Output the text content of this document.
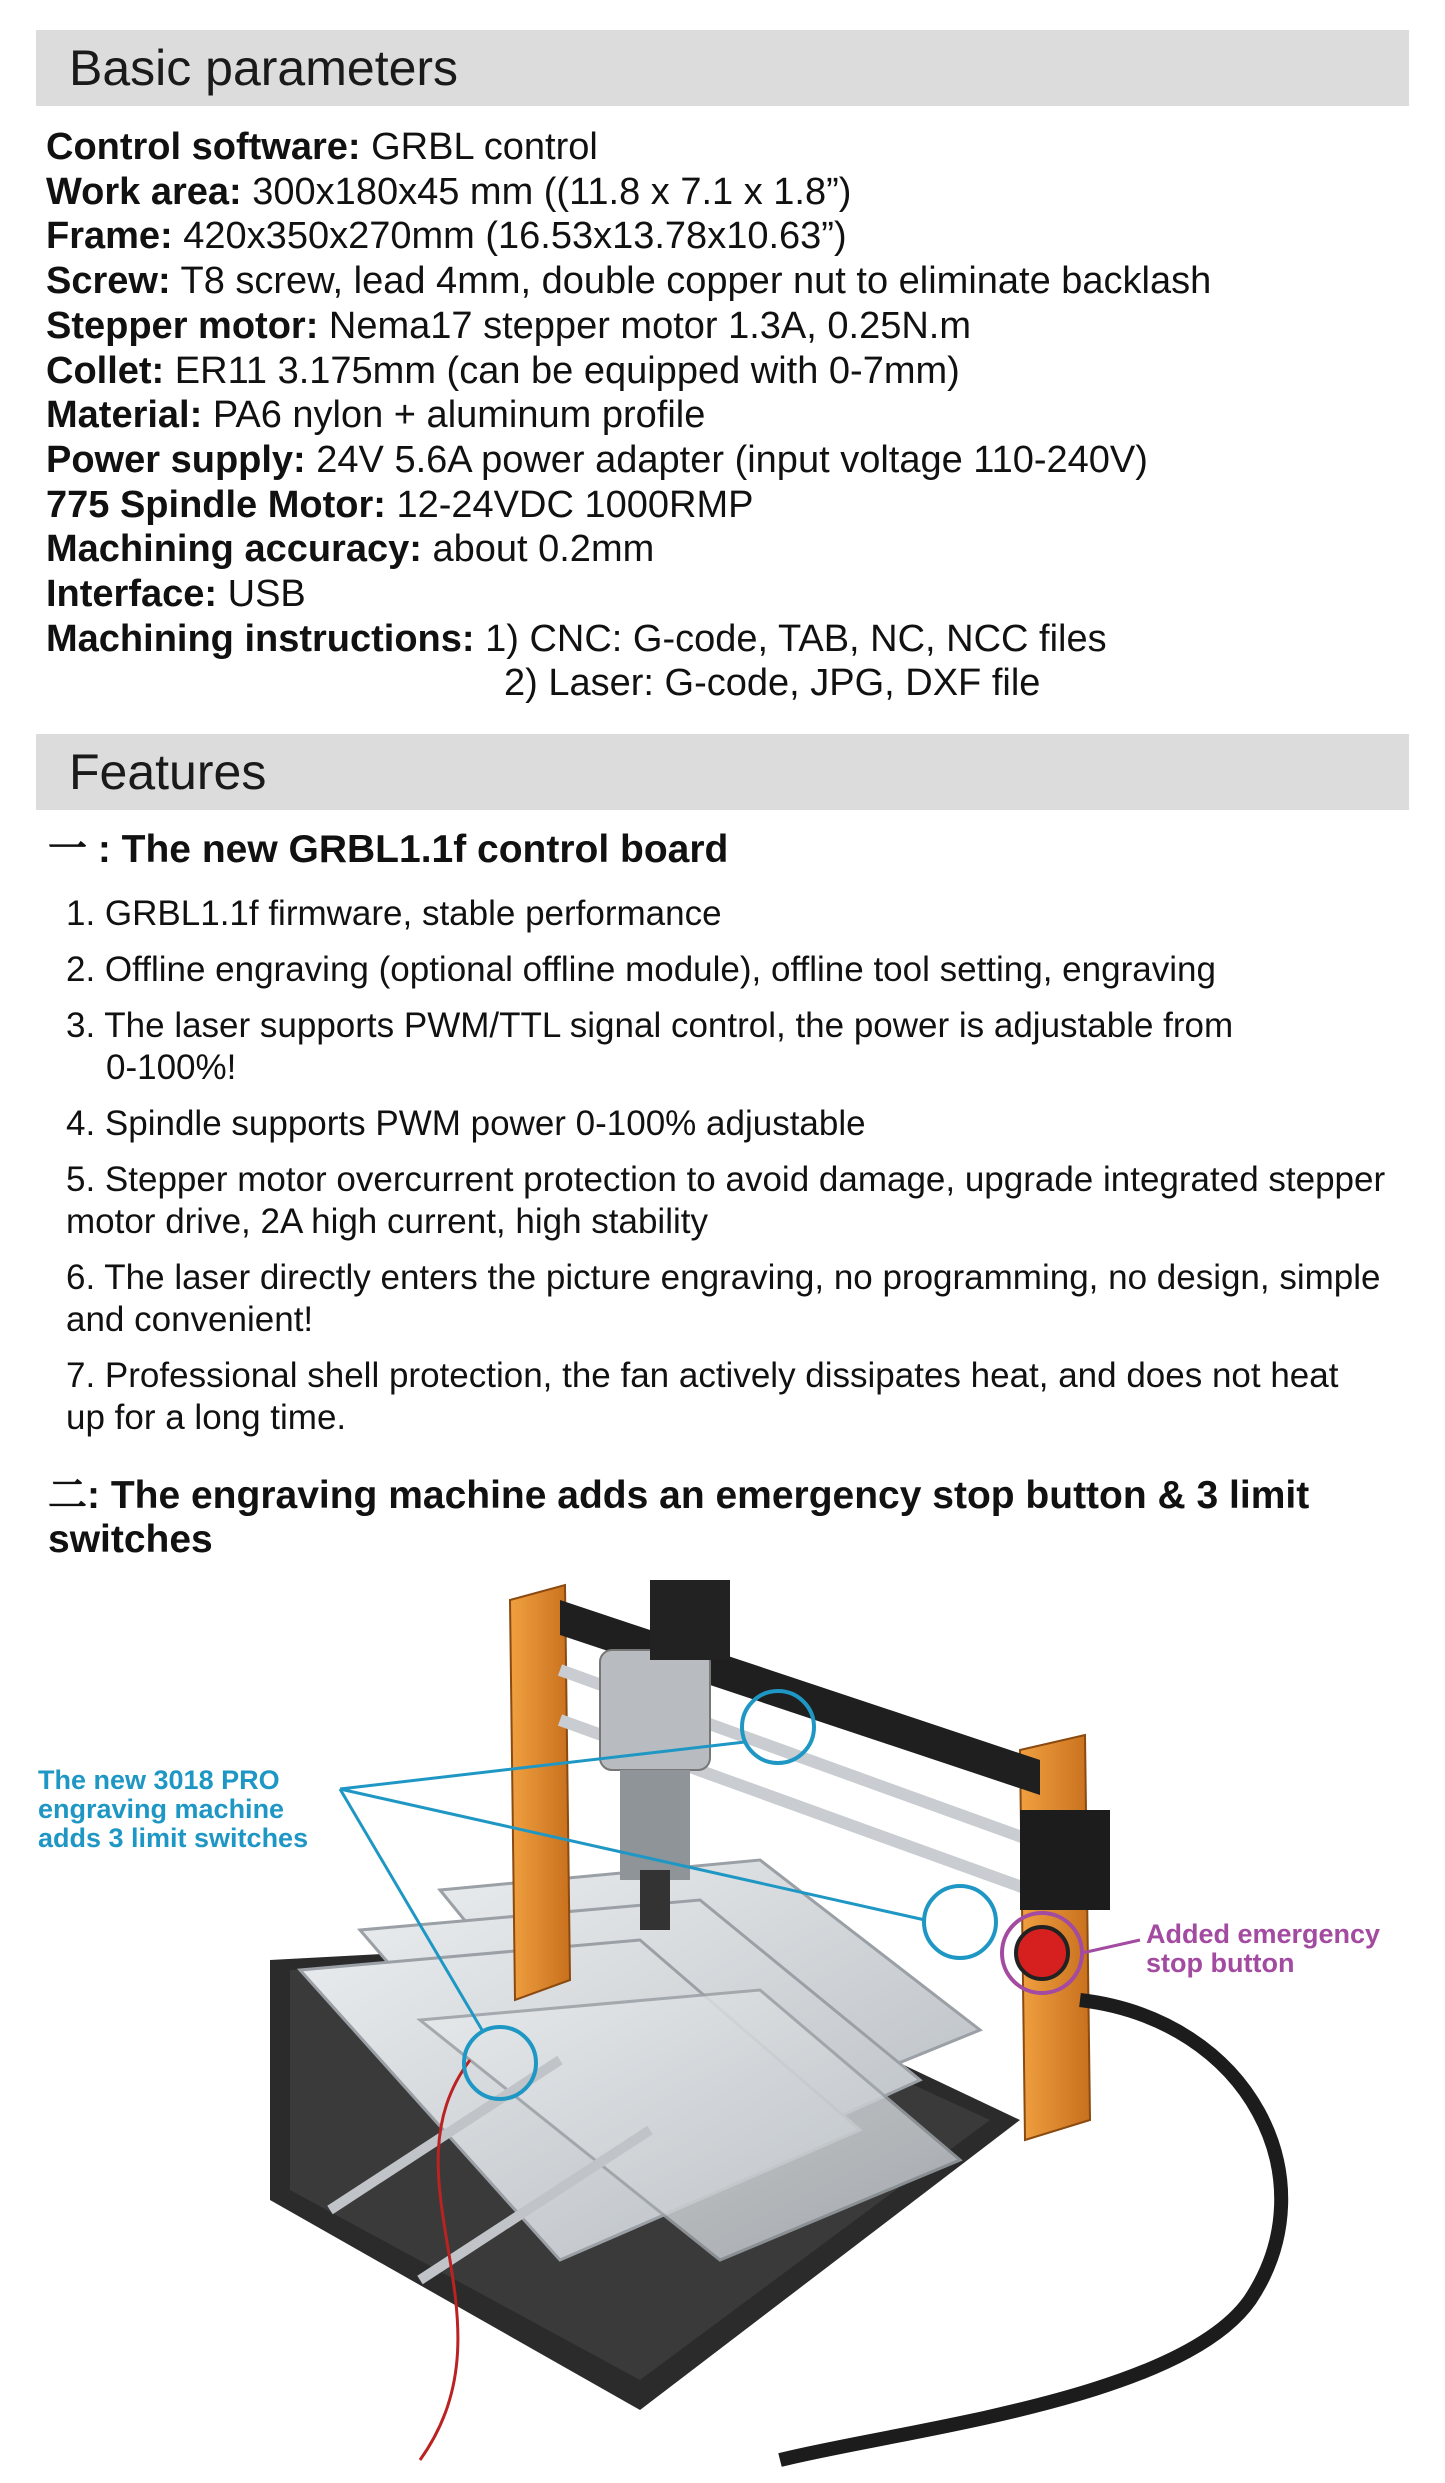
Basic parameters
Control software: GRBL control
Work area: 300x180x45 mm ((11.8 x 7.1 x 1.8”)
Frame: 420x350x270mm (16.53x13.78x10.63”)
Screw: T8 screw, lead 4mm, double copper nut to eliminate backlash
Stepper motor: Nema17 stepper motor 1.3A, 0.25N.m
Collet: ER11 3.175mm (can be equipped with 0-7mm)
Material: PA6 nylon + aluminum profile
Power supply: 24V 5.6A power adapter (input voltage 110-240V)
775 Spindle Motor: 12-24VDC 1000RMP
Machining accuracy: about 0.2mm
Interface: USB
Machining instructions: 1) CNC: G-code, TAB, NC, NCC files
2) Laser: G-code, JPG, DXF file
Features
一 : The new GRBL1.1f control board
1. GRBL1.1f firmware, stable performance
2. Offline engraving (optional offline module), offline tool setting, engraving
3. The laser supports PWM/TTL signal control, the power is adjustable from
0-100%!
4. Spindle supports PWM power 0-100% adjustable
5. Stepper motor overcurrent protection to avoid damage, upgrade integrated stepper motor drive, 2A high current, high stability
6. The laser directly enters the picture engraving, no programming, no design, simple and convenient!
7. Professional shell protection, the fan actively dissipates heat, and does not heat up for a long time.
二: The engraving machine adds an emergency stop button & 3 limit switches
The new 3018 PRO
engraving machine
adds 3 limit switches
Added emergency
stop button
